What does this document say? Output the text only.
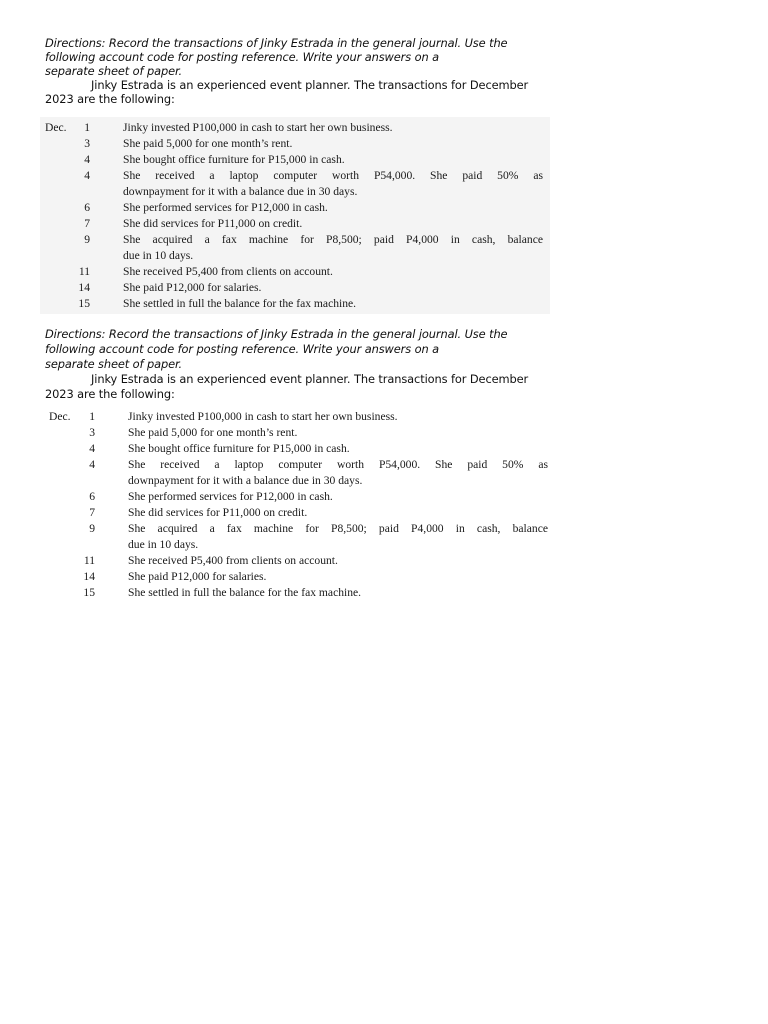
Directions: Record the transactions of Jinky Estrada in the general journal. Use the
following account code for posting reference. Write your answers on a
separate sheet of paper.

Jinky Estrada is an experienced event planner. The transactions for December
2023 are the following:

Dec.	1	Jinky invested P100,000 in cash to start her own business.
3	She paid 5,000 for one month’s rent.
4	She bought office furniture for P15,000 in cash.
4	She received a laptop computer worth P54,000. She paid 50% as
downpayment for it with a balance due in 30 days.
6	She performed services for P12,000 in cash.
7	She did services for P11,000 on credit.
9	She acquired a fax machine for P8,500; paid P4,000 in cash, balance
due in 10 days.
11	She received P5,400 from clients on account.
14	She paid P12,000 for salaries.
15	She settled in full the balance for the fax machine.

Directions: Record the transactions of Jinky Estrada in the general journal. Use the
following account code for posting reference. Write your answers on a
separate sheet of paper.

Jinky Estrada is an experienced event planner. The transactions for December
2023 are the following:

Dec.	1	Jinky invested P100,000 in cash to start her own business.
3	She paid 5,000 for one month’s rent.
4	She bought office furniture for P15,000 in cash.
4	She received a laptop computer worth P54,000. She paid 50% as
downpayment for it with a balance due in 30 days.
6	She performed services for P12,000 in cash.
7	She did services for P11,000 on credit.
9	She acquired a fax machine for P8,500; paid P4,000 in cash, balance
due in 10 days.
11	She received P5,400 from clients on account.
14	She paid P12,000 for salaries.
15	She settled in full the balance for the fax machine.
